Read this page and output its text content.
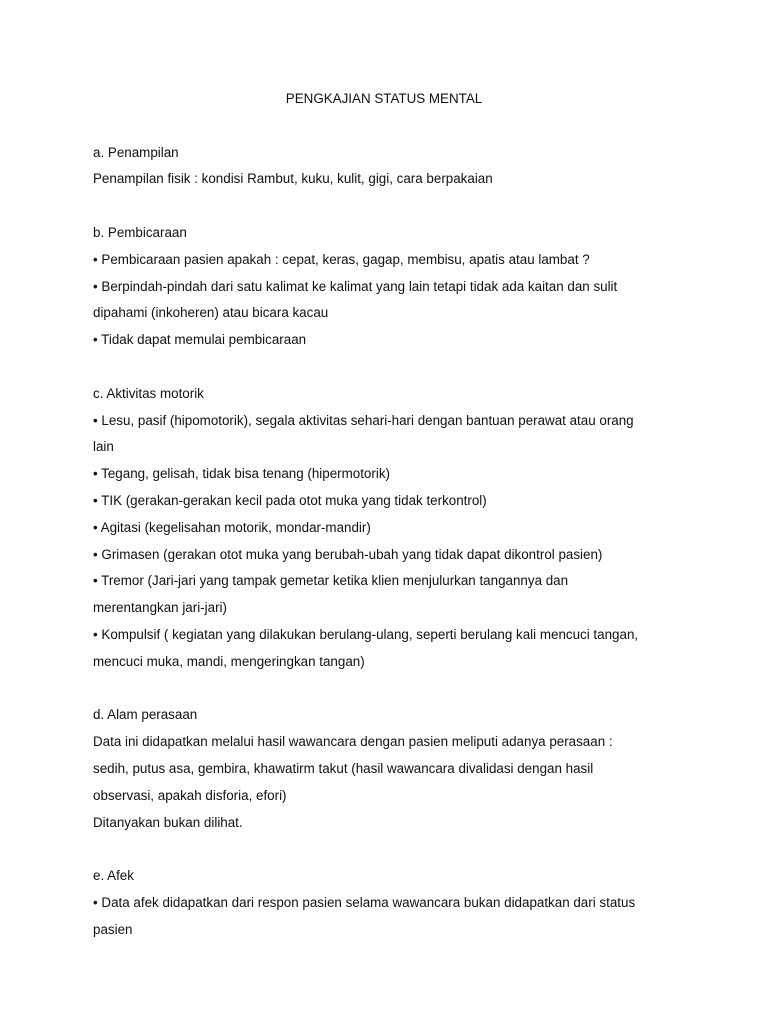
PENGKAJIAN STATUS MENTAL

a. Penampilan

Penampilan fisik : kondisi Rambut, kuku, kulit, gigi, cara berpakaian

b. Pembicaraan

• Pembicaraan pasien apakah : cepat, keras, gagap, membisu, apatis atau lambat ?

• Berpindah-pindah dari satu kalimat ke kalimat yang lain tetapi tidak ada kaitan dan sulit

dipahami (inkoheren) atau bicara kacau

• Tidak dapat memulai pembicaraan

c. Aktivitas motorik

• Lesu, pasif (hipomotorik), segala aktivitas sehari-hari dengan bantuan perawat atau orang

lain

• Tegang, gelisah, tidak bisa tenang (hipermotorik)

• TIK (gerakan-gerakan kecil pada otot muka yang tidak terkontrol)

• Agitasi (kegelisahan motorik, mondar-mandir)

• Grimasen (gerakan otot muka yang berubah-ubah yang tidak dapat dikontrol pasien)

• Tremor (Jari-jari yang tampak gemetar ketika klien menjulurkan tangannya dan

merentangkan jari-jari)

• Kompulsif ( kegiatan yang dilakukan berulang-ulang, seperti berulang kali mencuci tangan,

mencuci muka, mandi, mengeringkan tangan)

d. Alam perasaan

Data ini didapatkan melalui hasil wawancara dengan pasien meliputi adanya perasaan :

sedih, putus asa, gembira, khawatirm takut (hasil wawancara divalidasi dengan hasil

observasi, apakah disforia, efori)

Ditanyakan bukan dilihat.

e. Afek

• Data afek didapatkan dari respon pasien selama wawancara bukan didapatkan dari status

pasien
